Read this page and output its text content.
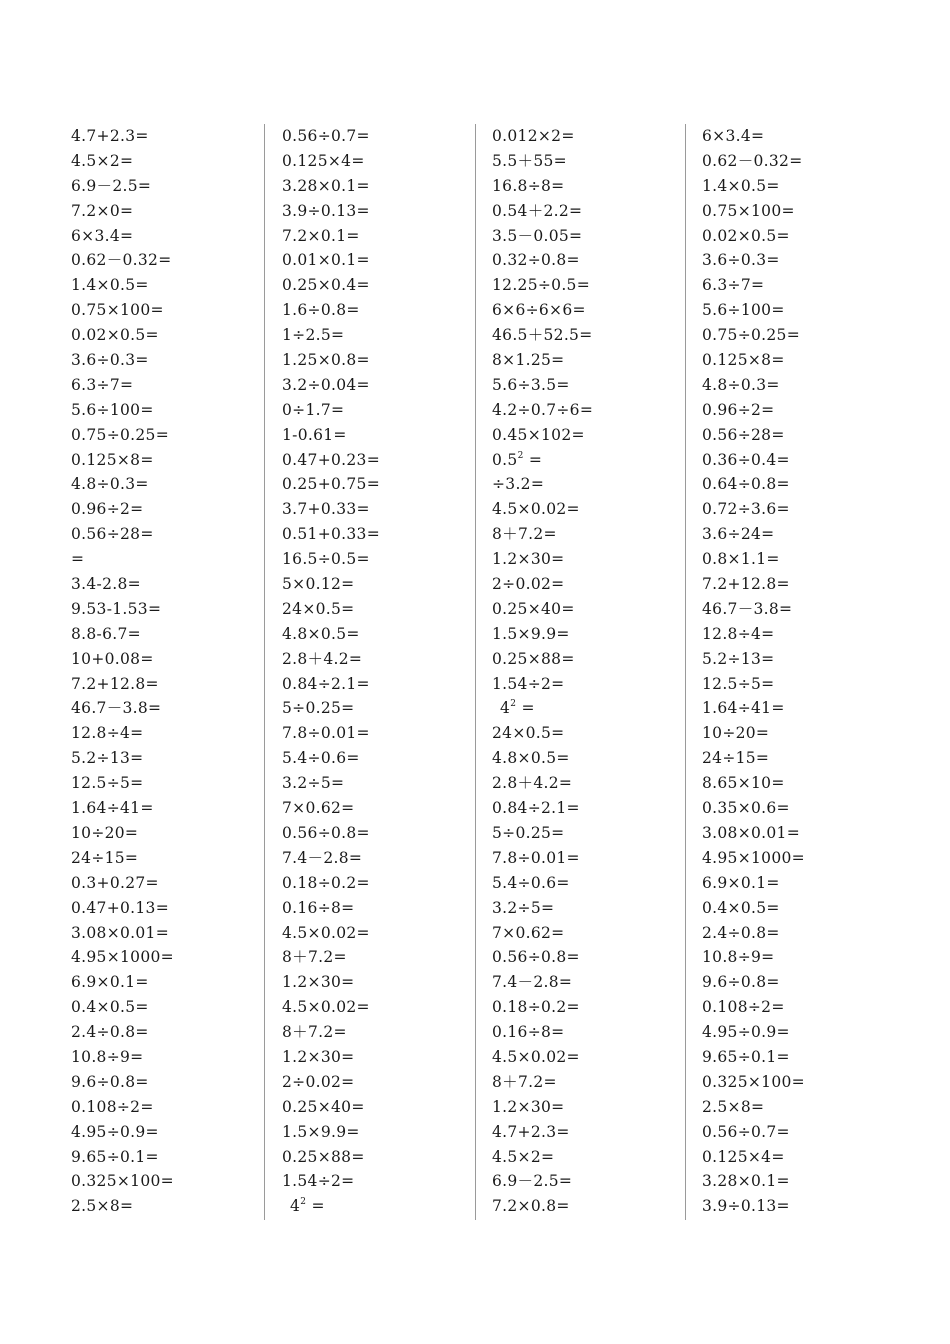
4.7+2.3=
4.5×2=
6.9－2.5=
7.2×0=
6×3.4=
0.62－0.32=
1.4×0.5=
0.75×100=
0.02×0.5=
3.6÷0.3=
6.3÷7=
5.6÷100=
0.75÷0.25=
0.125×8=
4.8÷0.3=
0.96÷2=
0.56÷28=
=
3.4-2.8=
9.53-1.53=
8.8-6.7=
10+0.08=
7.2+12.8=
46.7－3.8=
12.8÷4=
5.2÷13=
12.5÷5=
1.64÷41=
10÷20=
24÷15=
0.3+0.27=
0.47+0.13=
3.08×0.01=
4.95×1000=
6.9×0.1=
0.4×0.5=
2.4÷0.8=
10.8÷9=
9.6÷0.8=
0.108÷2=
4.95÷0.9=
9.65÷0.1=
0.325×100=
2.5×8=
0.56÷0.7=
0.125×4=
3.28×0.1=
3.9÷0.13=
7.2×0.1=
0.01×0.1=
0.25×0.4=
1.6÷0.8=
1÷2.5=
1.25×0.8=
3.2÷0.04=
0÷1.7=
1-0.61=
0.47+0.23=
0.25+0.75=
3.7+0.33=
0.51+0.33=
16.5÷0.5=
5×0.12=
24×0.5=
4.8×0.5=
2.8＋4.2=
0.84÷2.1=
5÷0.25=
7.8÷0.01=
5.4÷0.6=
3.2÷5=
7×0.62=
0.56÷0.8=
7.4－2.8=
0.18÷0.2=
0.16÷8=
4.5×0.02=
8＋7.2=
1.2×30=
4.5×0.02=
8＋7.2=
1.2×30=
2÷0.02=
0.25×40=
1.5×9.9=
0.25×88=
1.54÷2=
 $4^2$ =
0.012×2=
5.5＋55=
16.8÷8=
0.54＋2.2=
3.5－0.05=
0.32÷0.8=
12.25÷0.5=
6×6÷6×6=
46.5＋52.5=
8×1.25=
5.6÷3.5=
4.2÷0.7÷6=
0.45×102=
$0.5^2$ =
÷3.2=
4.5×0.02=
8＋7.2=
1.2×30=
2÷0.02=
0.25×40=
1.5×9.9=
0.25×88=
1.54÷2=
 $4^2$ =
24×0.5=
4.8×0.5=
2.8＋4.2=
0.84÷2.1=
5÷0.25=
7.8÷0.01=
5.4÷0.6=
3.2÷5=
7×0.62=
0.56÷0.8=
7.4－2.8=
0.18÷0.2=
0.16÷8=
4.5×0.02=
8＋7.2=
1.2×30=
4.7+2.3=
4.5×2=
6.9－2.5=
7.2×0.8=
6×3.4=
0.62－0.32=
1.4×0.5=
0.75×100=
0.02×0.5=
3.6÷0.3=
6.3÷7=
5.6÷100=
0.75÷0.25=
0.125×8=
4.8÷0.3=
0.96÷2=
0.56÷28=
0.36÷0.4=
0.64÷0.8=
0.72÷3.6=
3.6÷24=
0.8×1.1=
7.2+12.8=
46.7－3.8=
12.8÷4=
5.2÷13=
12.5÷5=
1.64÷41=
10÷20=
24÷15=
8.65×10=
0.35×0.6=
3.08×0.01=
4.95×1000=
6.9×0.1=
0.4×0.5=
2.4÷0.8=
10.8÷9=
9.6÷0.8=
0.108÷2=
4.95÷0.9=
9.65÷0.1=
0.325×100=
2.5×8=
0.56÷0.7=
0.125×4=
3.28×0.1=
3.9÷0.13=
